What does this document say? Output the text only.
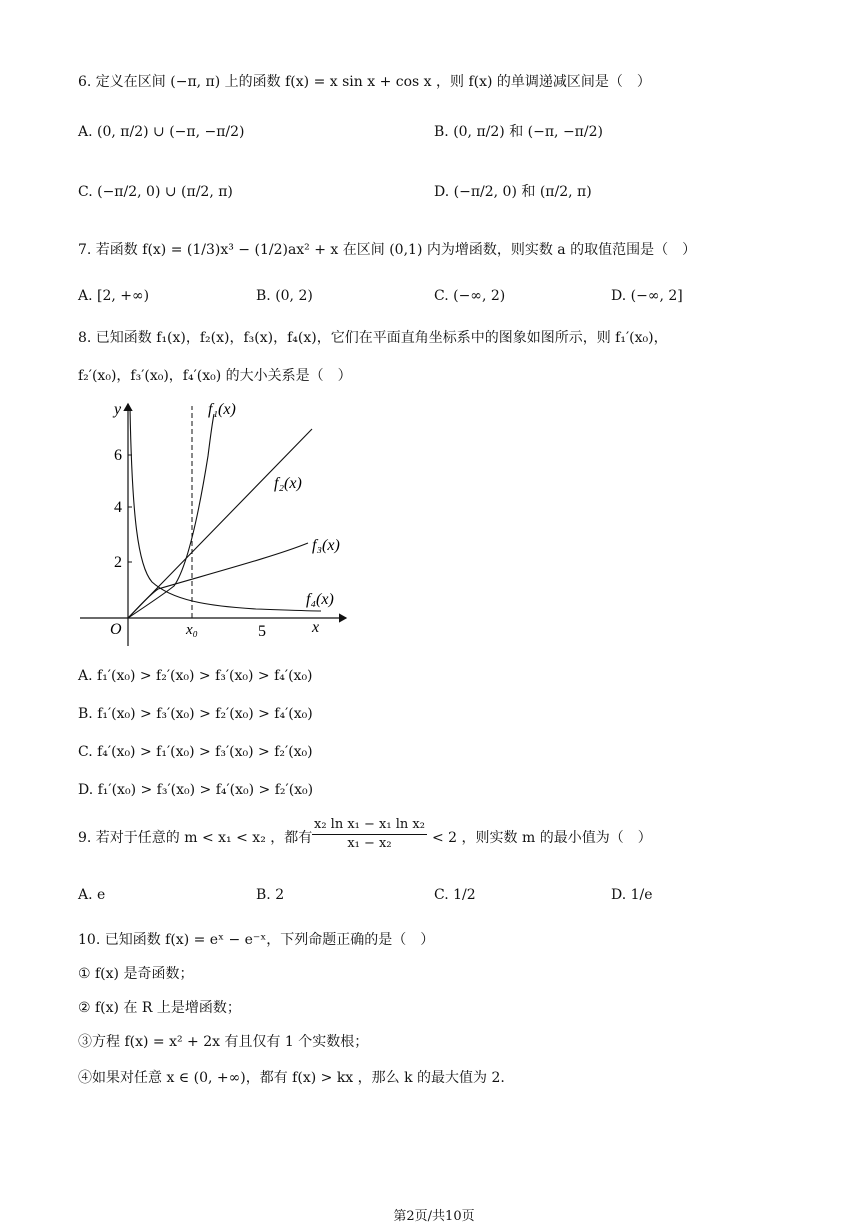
6. 定义在区间 (−π, π) 上的函数 f(x) = x sin x + cos x ，则 f(x) 的单调递减区间是（　）
A. (0, π/2) ∪ (−π, −π/2)	B. (0, π/2) 和 (−π, −π/2)
C. (−π/2, 0) ∪ (π/2, π)	D. (−π/2, 0) 和 (π/2, π)
7. 若函数 f(x) = (1/3)x³ − (1/2)ax² + x 在区间 (0,1) 内为增函数，则实数 a 的取值范围是（　）
A. [2, +∞)	B. (0, 2)	C. (−∞, 2)	D. (−∞, 2]
8. 已知函数 f₁(x)，f₂(x)，f₃(x)，f₄(x)，它们在平面直角坐标系中的图象如图所示，则 f₁′(x₀)，
f₂′(x₀)，f₃′(x₀)，f₄′(x₀) 的大小关系是（　）
y
x
O	x₀	5
6
4
2
f₁(x)
f₂(x)
f₃(x)
f₄(x)
A. f₁′(x₀) > f₂′(x₀) > f₃′(x₀) > f₄′(x₀)
B. f₁′(x₀) > f₃′(x₀) > f₂′(x₀) > f₄′(x₀)
C. f₄′(x₀) > f₁′(x₀) > f₃′(x₀) > f₂′(x₀)
D. f₁′(x₀) > f₃′(x₀) > f₄′(x₀) > f₂′(x₀)
9. 若对于任意的 m < x₁ < x₂ ，都有 $\frac{\text{x₂ ln x₁ − x₁ ln x₂}}{\text{x₁ − x₂}} < 2$ ，则实数 m 的最小值为（　）
A. e	B. 2	C. 1/2	D. 1/e
10. 已知函数 f(x) = eˣ − e⁻ˣ，下列命题正确的是（　）
① f(x) 是奇函数；
② f(x) 在 R 上是增函数；
③方程 f(x) = x² + 2x 有且仅有 1 个实数根；
④如果对任意 x ∈ (0, +∞)，都有 f(x) > kx ，那么 k 的最大值为 2.
第2页/共10页
